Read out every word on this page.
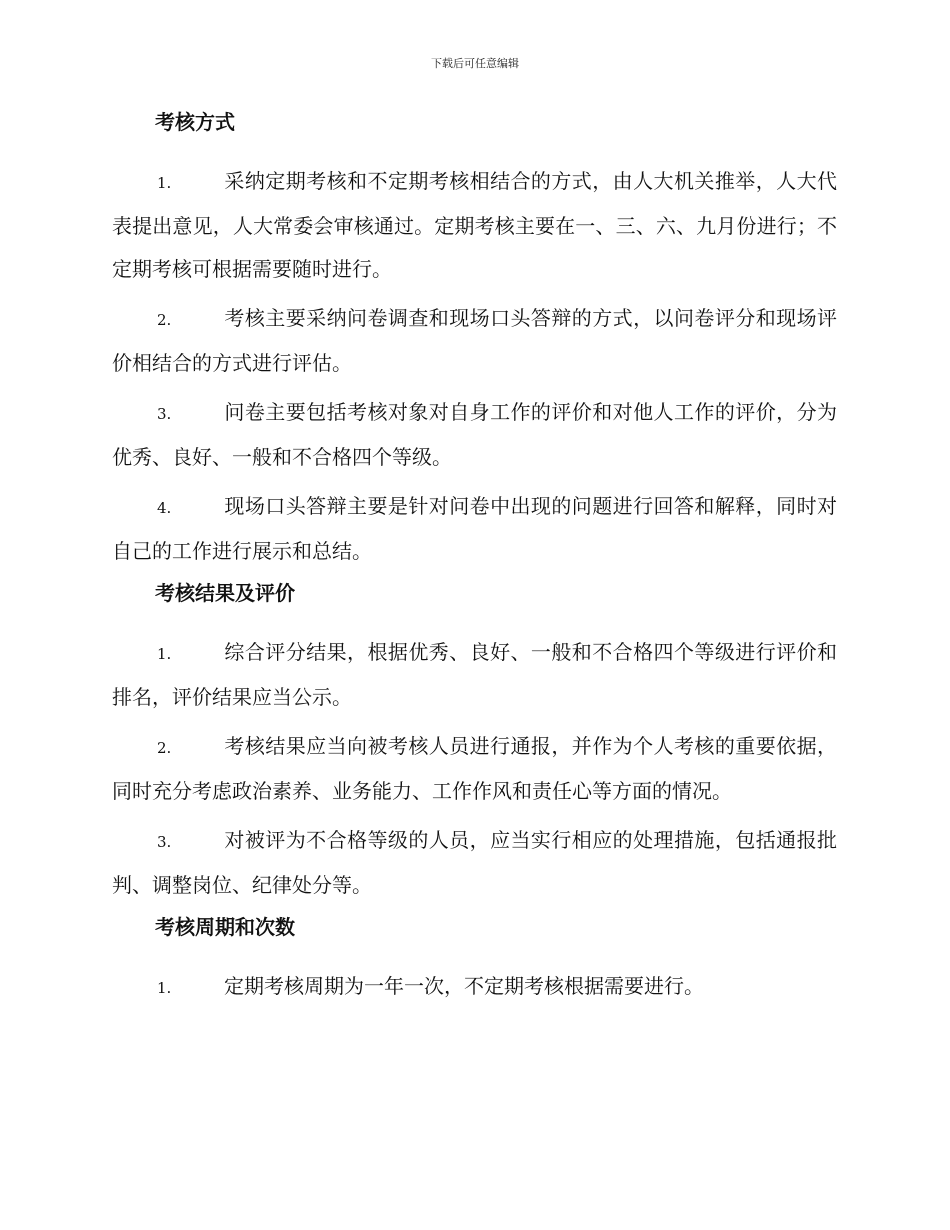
下载后可任意编辑
考核方式

1.	采纳定期考核和不定期考核相结合的方式，由人大机关推举，人大代表提出意见，人大常委会审核通过。定期考核主要在一、三、六、九月份进行；不定期考核可根据需要随时进行。

2.	考核主要采纳问卷调查和现场口头答辩的方式，以问卷评分和现场评价相结合的方式进行评估。

3.	问卷主要包括考核对象对自身工作的评价和对他人工作的评价，分为优秀、良好、一般和不合格四个等级。

4.	现场口头答辩主要是针对问卷中出现的问题进行回答和解释，同时对自己的工作进行展示和总结。

考核结果及评价

1.	综合评分结果，根据优秀、良好、一般和不合格四个等级进行评价和排名，评价结果应当公示。

2.	考核结果应当向被考核人员进行通报，并作为个人考核的重要依据，同时充分考虑政治素养、业务能力、工作作风和责任心等方面的情况。

3.	对被评为不合格等级的人员，应当实行相应的处理措施，包括通报批判、调整岗位、纪律处分等。

考核周期和次数

1.	定期考核周期为一年一次，不定期考核根据需要进行。
